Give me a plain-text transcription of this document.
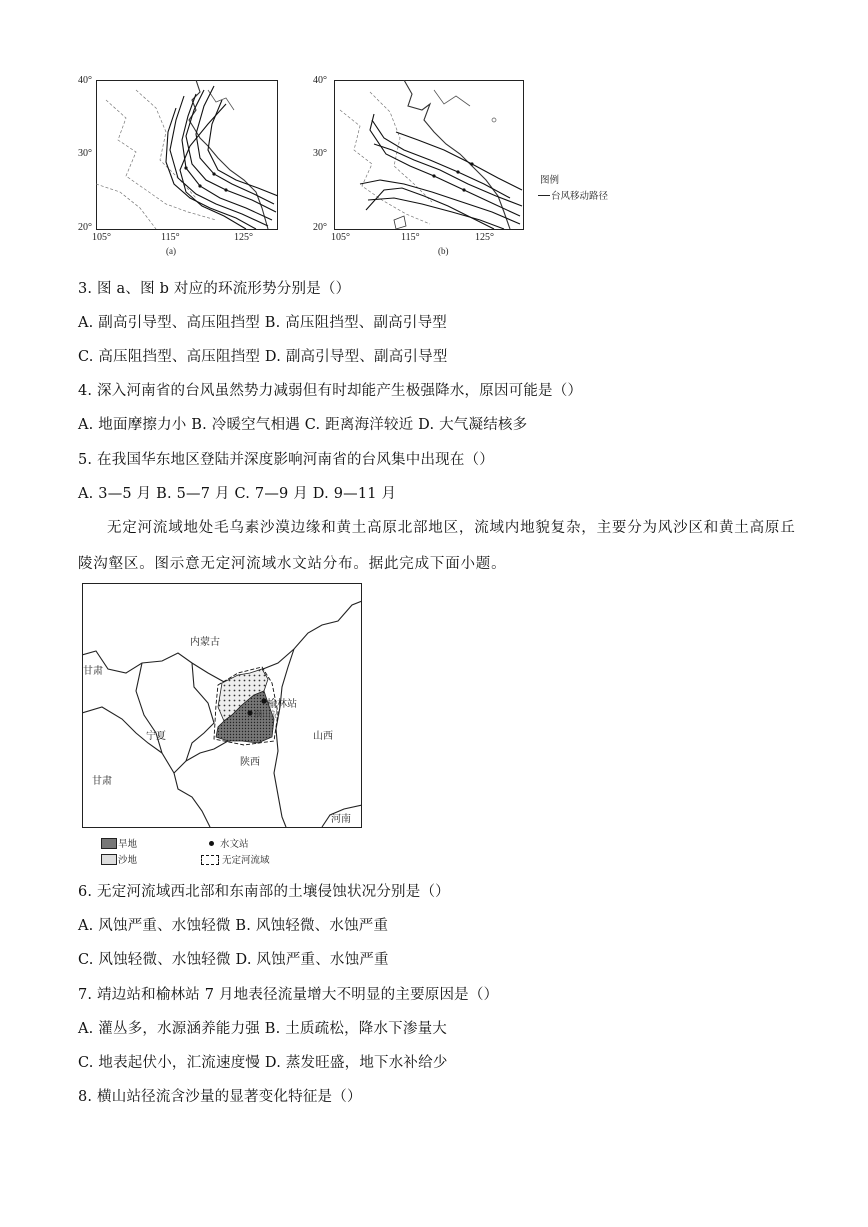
40°
30°
20°
105°	115°	125°
(a)
40°
30°
20°
105°	115°	125°
(b)
图例
台风移动路径
3. 图 a、图 b 对应的环流形势分别是（）
A. 副高引导型、高压阻挡型 B. 高压阻挡型、副高引导型
C. 高压阻挡型、高压阻挡型 D. 副高引导型、副高引导型
4. 深入河南省的台风虽然势力减弱但有时却能产生极强降水，原因可能是（）
A. 地面摩擦力小 B. 冷暖空气相遇 C. 距离海洋较近 D. 大气凝结核多
5. 在我国华东地区登陆并深度影响河南省的台风集中出现在（）
A. 3—5 月 B. 5—7 月 C. 7—9 月 D. 9—11 月
无定河流域地处毛乌素沙漠边缘和黄土高原北部地区，流域内地貌复杂，主要分为风沙区和黄土高原丘陵沟壑区。图示意无定河流域水文站分布。据此完成下面小题。
内蒙古
甘肃
宁夏
甘肃
陕西
山西
河南
榆林站
横山站
旱地
沙地
水文站
无定河流域
6. 无定河流域西北部和东南部的土壤侵蚀状况分别是（）
A. 风蚀严重、水蚀轻微 B. 风蚀轻微、水蚀严重
C. 风蚀轻微、水蚀轻微 D. 风蚀严重、水蚀严重
7. 靖边站和榆林站 7 月地表径流量增大不明显的主要原因是（）
A. 灌丛多，水源涵养能力强 B. 土质疏松，降水下渗量大
C. 地表起伏小，汇流速度慢 D. 蒸发旺盛，地下水补给少
8. 横山站径流含沙量的显著变化特征是（）
